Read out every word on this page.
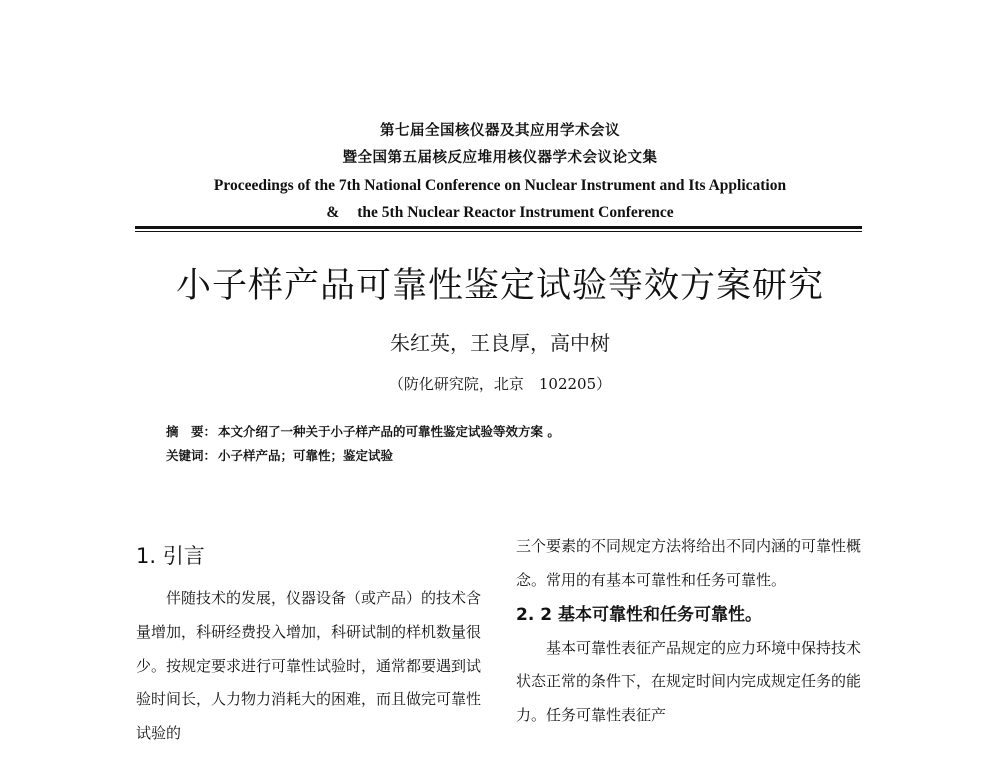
第七届全国核仪器及其应用学术会议
暨全国第五届核反应堆用核仪器学术会议论文集
Proceedings of the 7th National Conference on Nuclear Instrument and Its Application
& the 5th Nuclear Reactor Instrument Conference
小子样产品可靠性鉴定试验等效方案研究
朱红英，王良厚，高中树
（防化研究院，北京　102205）
摘　要： 本文介绍了一种关于小子样产品的可靠性鉴定试验等效方案 。
关键词： 小子样产品；可靠性；鉴定试验
1. 引言

伴随技术的发展，仪器设备（或产品）的技术含量增加，科研经费投入增加，科研试制的样机数量很少。按规定要求进行可靠性试验时，通常都要遇到试验时间长，人力物力消耗大的困难，而且做完可靠性试验的

三个要素的不同规定方法将给出不同内涵的可靠性概念。常用的有基本可靠性和任务可靠性。

2. 2 基本可靠性和任务可靠性。

基本可靠性表征产品规定的应力环境中保持技术状态正常的条件下，在规定时间内完成规定任务的能力。任务可靠性表征产
